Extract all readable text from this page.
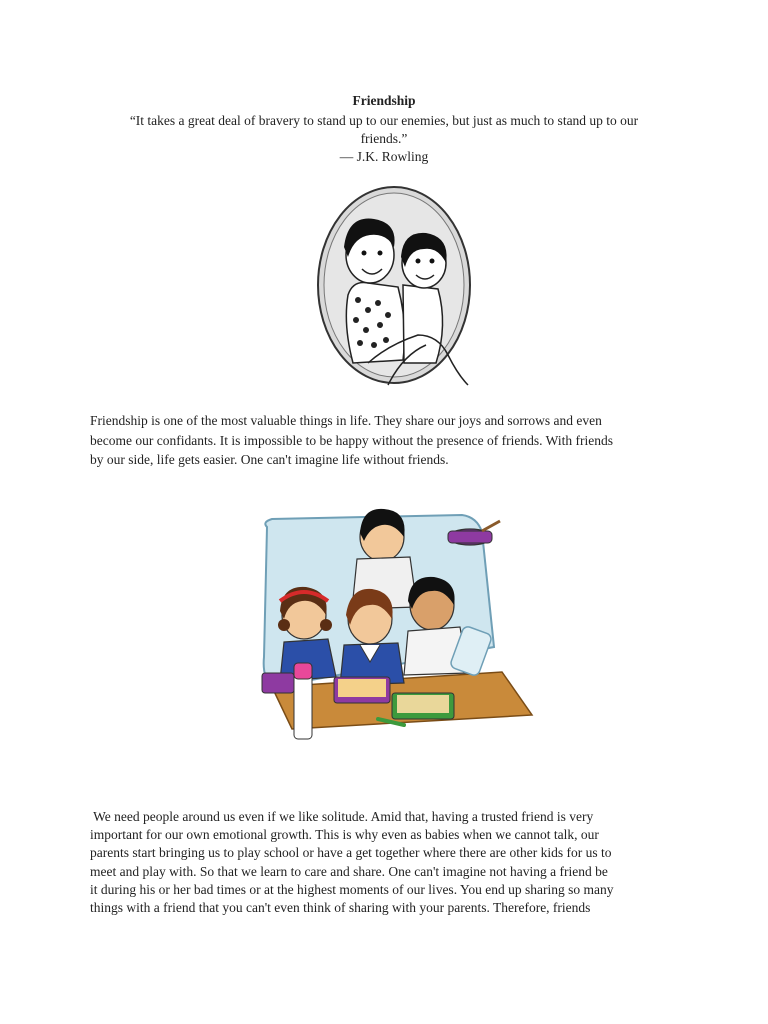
Friendship
“It takes a great deal of bravery to stand up to our enemies, but just as much to stand up to our
friends.”
— J.K. Rowling
Friendship is one of the most valuable things in life. They share our joys and sorrows and even
become our confidants. It is impossible to be happy without the presence of friends. With friends
by our side, life gets easier. One can't imagine life without friends.
We need people around us even if we like solitude. Amid that, having a trusted friend is very
important for our own emotional growth. This is why even as babies when we cannot talk, our
parents start bringing us to play school or have a get together where there are other kids for us to
meet and play with. So that we learn to care and share. One can't imagine not having a friend be
it during his or her bad times or at the highest moments of our lives. You end up sharing so many
things with a friend that you can't even think of sharing with your parents. Therefore, friends
